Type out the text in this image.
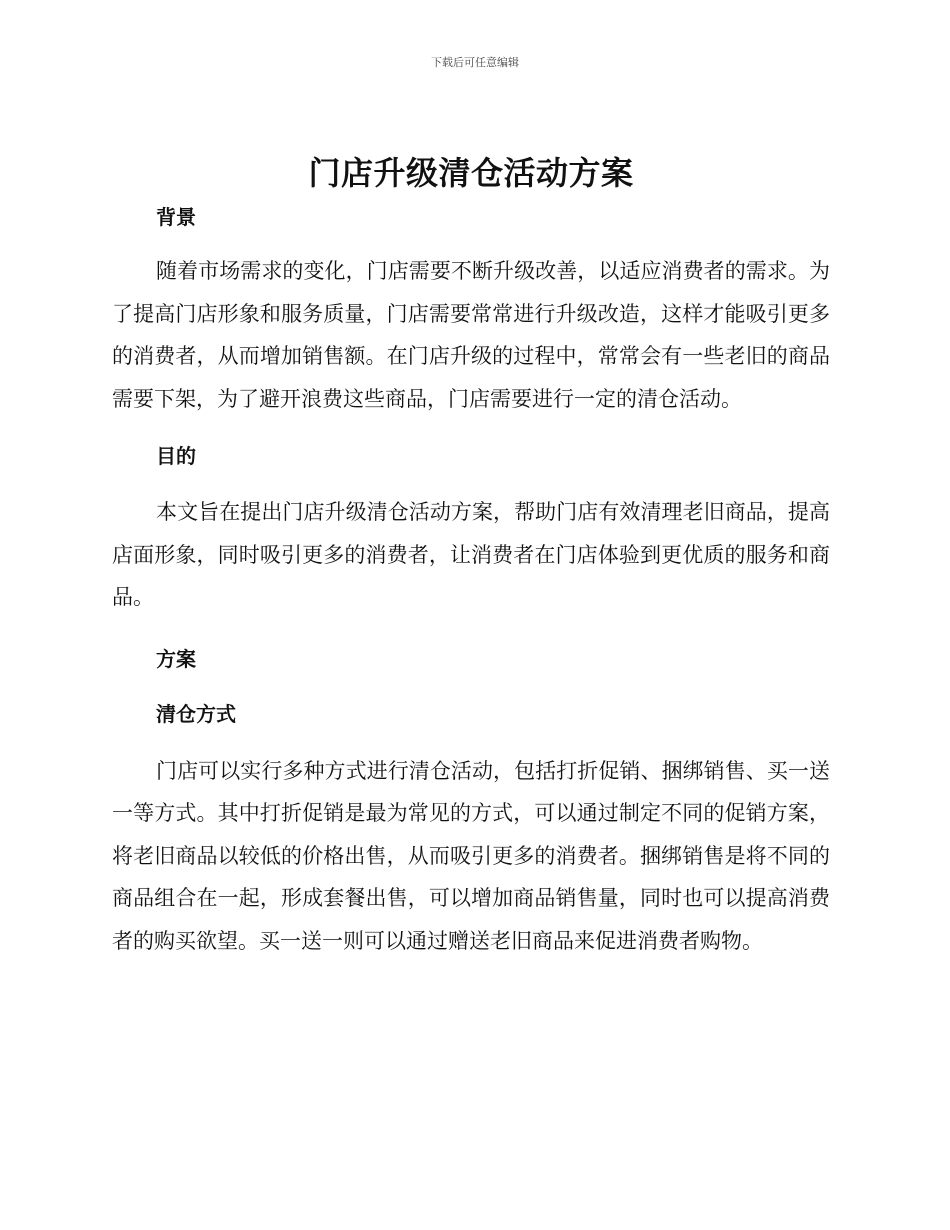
下载后可任意编辑
门店升级清仓活动方案
背景

随着市场需求的变化，门店需要不断升级改善，以适应消费者的需求。为了提高门店形象和服务质量，门店需要常常进行升级改造，这样才能吸引更多的消费者，从而增加销售额。在门店升级的过程中，常常会有一些老旧的商品需要下架，为了避开浪费这些商品，门店需要进行一定的清仓活动。

目的

本文旨在提出门店升级清仓活动方案，帮助门店有效清理老旧商品，提高店面形象，同时吸引更多的消费者，让消费者在门店体验到更优质的服务和商品。

方案
清仓方式

门店可以实行多种方式进行清仓活动，包括打折促销、捆绑销售、买一送一等方式。其中打折促销是最为常见的方式，可以通过制定不同的促销方案，将老旧商品以较低的价格出售，从而吸引更多的消费者。捆绑销售是将不同的商品组合在一起，形成套餐出售，可以增加商品销售量，同时也可以提高消费者的购买欲望。买一送一则可以通过赠送老旧商品来促进消费者购物。
